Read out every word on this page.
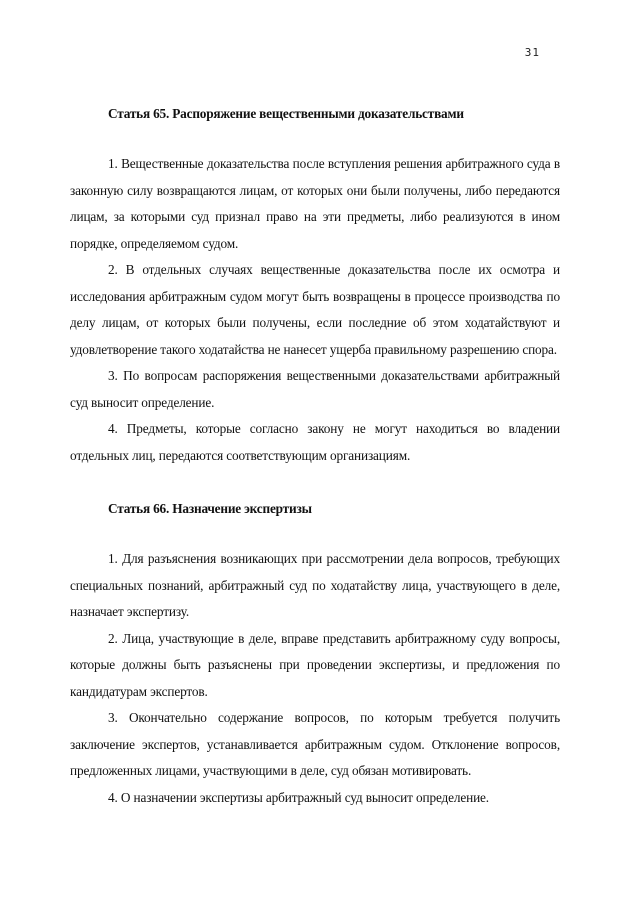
31
Статья 65. Распоряжение вещественными доказательствами

1. Вещественные доказательства после вступления решения арбитражного суда в законную силу возвращаются лицам, от которых они были получены, либо передаются лицам, за которыми суд признал право на эти предметы, либо реализуются в ином порядке, определяемом судом.

2. В отдельных случаях вещественные доказательства после их осмотра и исследования арбитражным судом могут быть возвращены в процессе производства по делу лицам, от которых были получены, если последние об этом ходатайствуют и удовлетворение такого ходатайства не нанесет ущерба правильному разрешению спора.

3. По вопросам распоряжения вещественными доказательствами арбитражный суд выносит определение.

4. Предметы, которые согласно закону не могут находиться во владении отдельных лиц, передаются соответствующим организациям.

Статья 66. Назначение экспертизы

1. Для разъяснения возникающих при рассмотрении дела вопросов, требующих специальных познаний, арбитражный суд по ходатайству лица, участвующего в деле, назначает экспертизу.

2. Лица, участвующие в деле, вправе представить арбитражному суду вопросы, которые должны быть разъяснены при проведении экспертизы, и предложения по кандидатурам экспертов.

3. Окончательно содержание вопросов, по которым требуется получить заключение экспертов, устанавливается арбитражным судом. Отклонение вопросов, предложенных лицами, участвующими в деле, суд обязан мотивировать.

4. О назначении экспертизы арбитражный суд выносит определение.
